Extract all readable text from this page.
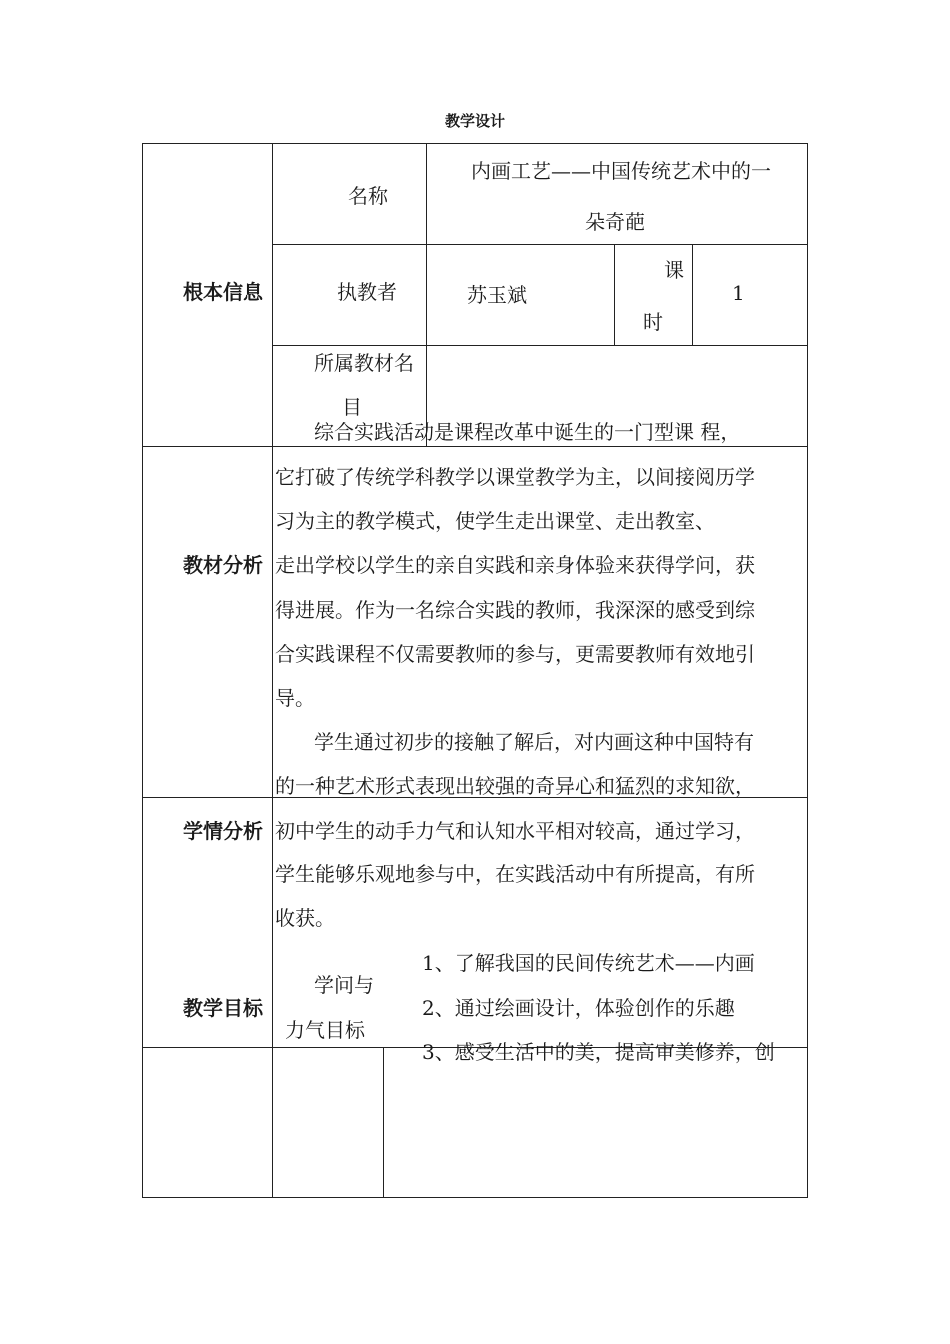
教学设计
根本信息
名称
内画工艺——中国传统艺术中的一
朵奇葩
执教者	苏玉斌
课
时
1
所属教材名
目
教材分析
综合实践活动是课程改革中诞生的一门型课 程，
它打破了传统学科教学以课堂教学为主，以间接阅历学
习为主的教学模式，使学生走出课堂、走出教室、
走出学校以学生的亲自实践和亲身体验来获得学问，获
得进展。作为一名综合实践的教师，我深深的感受到综
合实践课程不仅需要教师的参与，更需要教师有效地引
导。
学情分析
学生通过初步的接触了解后，对内画这种中国特有
的一种艺术形式表现出较强的奇异心和猛烈的求知欲，
初中学生的动手力气和认知水平相对较高，通过学习，
学生能够乐观地参与中，在实践活动中有所提高，有所
收获。
教学目标
学问与
力气目标
1、了解我国的民间传统艺术——内画
2、通过绘画设计，体验创作的乐趣
3、感受生活中的美，提高审美修养，创
